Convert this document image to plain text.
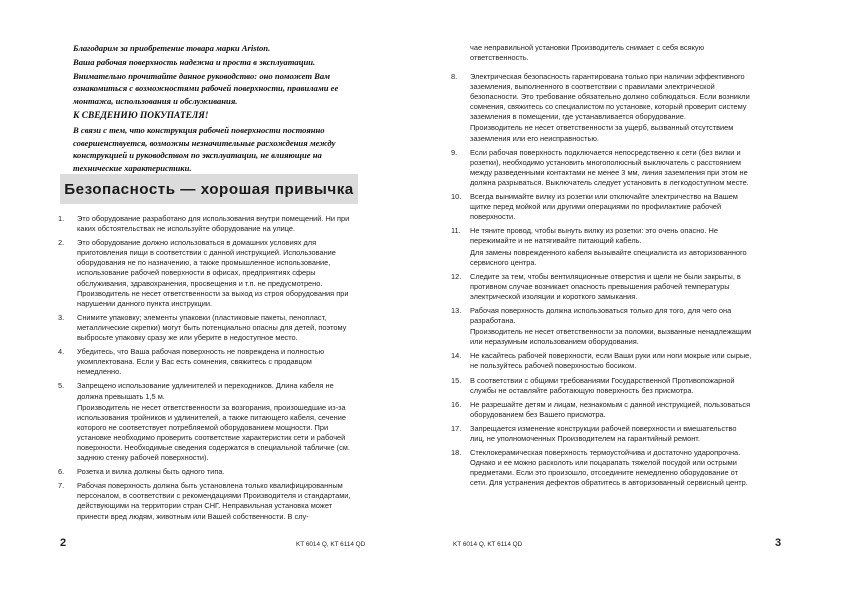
Благодарим за приобретение товара марки Ariston.

Ваша рабочая поверхность надежна и проста в эксплуатации.

Внимательно прочитайте данное руководство: оно поможет Вам ознакомиться с возможностями рабочей поверхности, правилами ее монтажа, использования и обслуживания.

К СВЕДЕНИЮ ПОКУПАТЕЛЯ!

В связи с тем, что конструкция рабочей поверхности постоянно совершенствуется, возможны незначительные расхождения между конструкцией и руководством по эксплуатации, не влияющие на технические характеристики.

Безопасность — хорошая привычка
1. Это оборудование разработано для использования внутри помещений. Ни при каких обстоятельствах не используйте оборудование на улице.
2. Это оборудование должно использоваться в домашних условиях для приготовления пищи в соответствии с данной инструкцией. Использование оборудования не по назначению, а также промышленное использование, использование рабочей поверхности в офисах, предприятиях сферы обслуживания, здравохранения, просвещения и т.п. не предусмотрено. Производитель не несет ответственности за выход из строя оборудования при нарушении данного пункта инструкции.
3. Снимите упаковку; элементы упаковки (пластиковые пакеты, пенопласт, металлические скрепки) могут быть потенциально опасны для детей, поэтому выбросьте упаковку сразу же или уберите в недоступное место.
4. Убедитесь, что Ваша рабочая поверхность не повреждена и полностью укомплектована. Если у Вас есть сомнения, свяжитесь с продавцом немедленно.
5. Запрещено использование удлинителей и переходников. Длина кабеля не должна превышать 1,5 м.
Производитель не несет ответственности за возгорания, произошедшие из-за использования тройников и удлинителей, а также питающего кабеля, сечение которого не соответствует потребляемой оборудованием мощности. При установке необходимо проверить соответствие характеристик сети и рабочей поверхности. Необходимые сведения содержатся в специальной табличке (см. заднюю стенку рабочей поверхности).
6. Розетка и вилка должны быть одного типа.
7. Рабочая поверхность должна быть установлена только квалифицированным персоналом, в соответствии с рекомендациями Производителя и стандартами, действующими на территории стран СНГ. Неправильная установка может принести вред людям, животным или Вашей собственности. В слу-
2	KT 6014 Q, KT 6114 QD
чае неправильной установки Производитель снимает с себя всякую ответственность.
8. Электрическая безопасность гарантирована только при наличии эффективного заземления, выполненного в соответствии с правилами электрической безопасности. Это требование обязательно должно соблюдаться. Если возникли сомнения, свяжитесь со специалистом по установке, который проверит систему заземления в помещении, где устанавливается оборудование.
Производитель не несет ответственности за ущерб, вызванный отсутствием заземления или его неисправностью.
9. Если рабочая поверхность подключается непосредственно к сети (без вилки и розетки), необходимо установить многополюсный выключатель с расстоянием между разведенными контактами не менее 3 мм, линия заземления при этом не должна разрываться. Выключатель следует установить в легкодоступном месте.
10. Всегда вынимайте вилку из розетки или отключайте электричество на Вашем щитке перед мойкой или другими операциями по профилактике рабочей поверхности.
11. Не тяните провод, чтобы вынуть вилку из розетки: это очень опасно. Не пережимайте и не натягивайте питающий кабель.
Для замены поврежденного кабеля вызывайте специалиста из авторизованного сервисного центра.
12. Следите за тем, чтобы вентиляционные отверстия и щели не были закрыты, в противном случае возникает опасность превышения рабочей температуры электрической изоляции и короткого замыкания.
13. Рабочая поверхность должна использоваться только для того, для чего она разработана.
Производитель не несет ответственности за поломки, вызванные ненадлежащим или неразумным использованием оборудования.
14. Не касайтесь рабочей поверхности, если Ваши руки или ноги мокрые или сырые, не пользуйтесь рабочей поверхностью босиком.
15. В соответствии с общими требованиями Государственной Противопожарной службы не оставляйте работающую поверхность без присмотра.
16. Не разрешайте детям и лицам, незнакомым с данной инструкцией, пользоваться оборудованием без Вашего присмотра.
17. Запрещается изменение конструкции рабочей поверхности и вмешательство лиц, не уполномоченных Производителем на гарантийный ремонт.
18. Стеклокерамическая поверхность термоустойчива и достаточно ударопрочна. Однако и ее можно расколоть или поцарапать тяжелой посудой или острыми предметами. Если это произошло, отсоедините немедленно оборудование от сети. Для устранения дефектов обратитесь в авторизованный сервисный центр.
KT 6014 Q, KT 6114 QD	3
